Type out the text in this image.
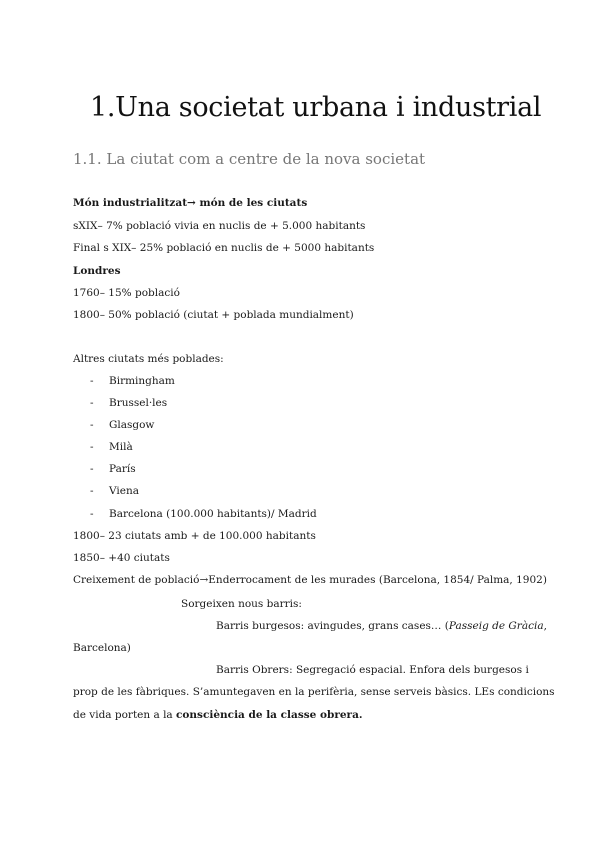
1.Una societat urbana i industrial
1.1. La ciutat com a centre de la nova societat
Món industrialitzat→ món de les ciutats
sXIX– 7% població vivia en nuclis de + 5.000 habitants
Final s XIX– 25% població en nuclis de + 5000 habitants
Londres
1760– 15% població
1800– 50% població (ciutat + poblada mundialment)
Altres ciutats més poblades:
- Birmingham
- Brussel·les
- Glasgow
- Milà
- París
- Viena
- Barcelona (100.000 habitants)/ Madrid
1800– 23 ciutats amb + de 100.000 habitants
1850– +40 ciutats
Creixement de població→Enderrocament de les murades (Barcelona, 1854/ Palma, 1902)
Sorgeixen nous barris:
Barris burgesos: avingudes, grans cases… (Passeig de Gràcia,
Barcelona)
Barris Obrers: Segregació espacial. Enfora dels burgesos i
prop de les fàbriques. S’amuntegaven en la perifèria, sense serveis bàsics. LEs condicions
de vida porten a la consciència de la classe obrera.
